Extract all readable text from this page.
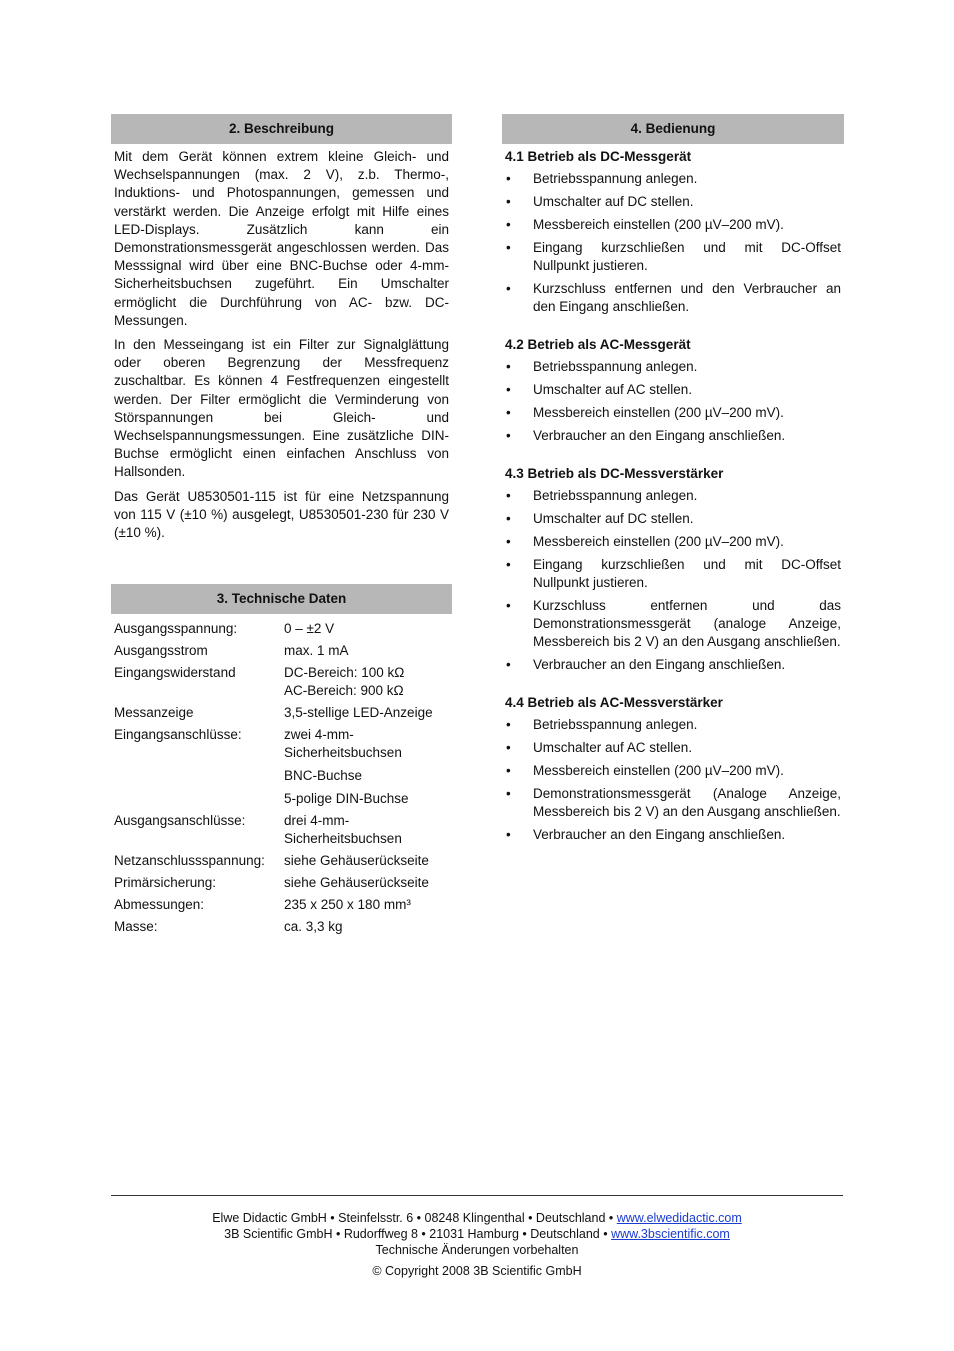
2. Beschreibung

Mit dem Gerät können extrem kleine Gleich- und Wechselspannungen (max. 2 V), z.b. Thermo-, Induktions- und Photospannungen, gemessen und verstärkt werden. Die Anzeige erfolgt mit Hilfe eines LED-Displays. Zusätzlich kann ein Demonstrationsmessgerät angeschlossen werden. Das Messsignal wird über eine BNC-Buchse oder 4-mm-Sicherheitsbuchsen zugeführt. Ein Umschalter ermöglicht die Durchführung von AC- bzw. DC-Messungen.

In den Messeingang ist ein Filter zur Signalglättung oder oberen Begrenzung der Messfrequenz zuschaltbar. Es können 4 Festfrequenzen eingestellt werden. Der Filter ermöglicht die Verminderung von Störspannungen bei Gleich- und Wechselspannungsmessungen. Eine zusätzliche DIN-Buchse ermöglicht einen einfachen Anschluss von Hallsonden.

Das Gerät U8530501-115 ist für eine Netzspannung von 115 V (±10 %) ausgelegt, U8530501-230 für 230 V (±10 %).

3. Technische Daten
Ausgangsspannung:	0 – ±2 V

Ausgangsstrom	max. 1 mA

Eingangswiderstand	DC-Bereich: 100 kΩ
AC-Bereich: 900 kΩ

Messanzeige	3,5-stellige LED-Anzeige

Eingangsanschlüsse:	zwei 4-mm-Sicherheitsbuchsen
BNC-Buchse
5-polige DIN-Buchse

Ausgangsanschlüsse:	drei 4-mm-Sicherheitsbuchsen

Netzanschlussspannung:	siehe Gehäuserückseite

Primärsicherung:	siehe Gehäuserückseite

Abmessungen:	235 x 250 x 180 mm³

Masse:	ca. 3,3 kg
4. Bedienung
4.1 Betrieb als DC-Messgerät
• Betriebsspannung anlegen.
• Umschalter auf DC stellen.
• Messbereich einstellen (200 µV–200 mV).
• Eingang kurzschließen und mit DC-Offset Nullpunkt justieren.
• Kurzschluss entfernen und den Verbraucher an den Eingang anschließen.
4.2 Betrieb als AC-Messgerät
• Betriebsspannung anlegen.
• Umschalter auf AC stellen.
• Messbereich einstellen (200 µV–200 mV).
• Verbraucher an den Eingang anschließen.
4.3 Betrieb als DC-Messverstärker
• Betriebsspannung anlegen.
• Umschalter auf DC stellen.
• Messbereich einstellen (200 µV–200 mV).
• Eingang kurzschließen und mit DC-Offset Nullpunkt justieren.
• Kurzschluss entfernen und das Demonstrationsmessgerät (analoge Anzeige, Messbereich bis 2 V) an den Ausgang anschließen.
• Verbraucher an den Eingang anschließen.
4.4 Betrieb als AC-Messverstärker
• Betriebsspannung anlegen.
• Umschalter auf AC stellen.
• Messbereich einstellen (200 µV–200 mV).
• Demonstrationsmessgerät (Analoge Anzeige, Messbereich bis 2 V) an den Ausgang anschließen.
• Verbraucher an den Eingang anschließen.
Elwe Didactic GmbH • Steinfelsstr. 6 • 08248 Klingenthal • Deutschland • www.elwedidactic.com
3B Scientific GmbH • Rudorffweg 8 • 21031 Hamburg • Deutschland • www.3bscientific.com
Technische Änderungen vorbehalten
© Copyright 2008 3B Scientific GmbH
